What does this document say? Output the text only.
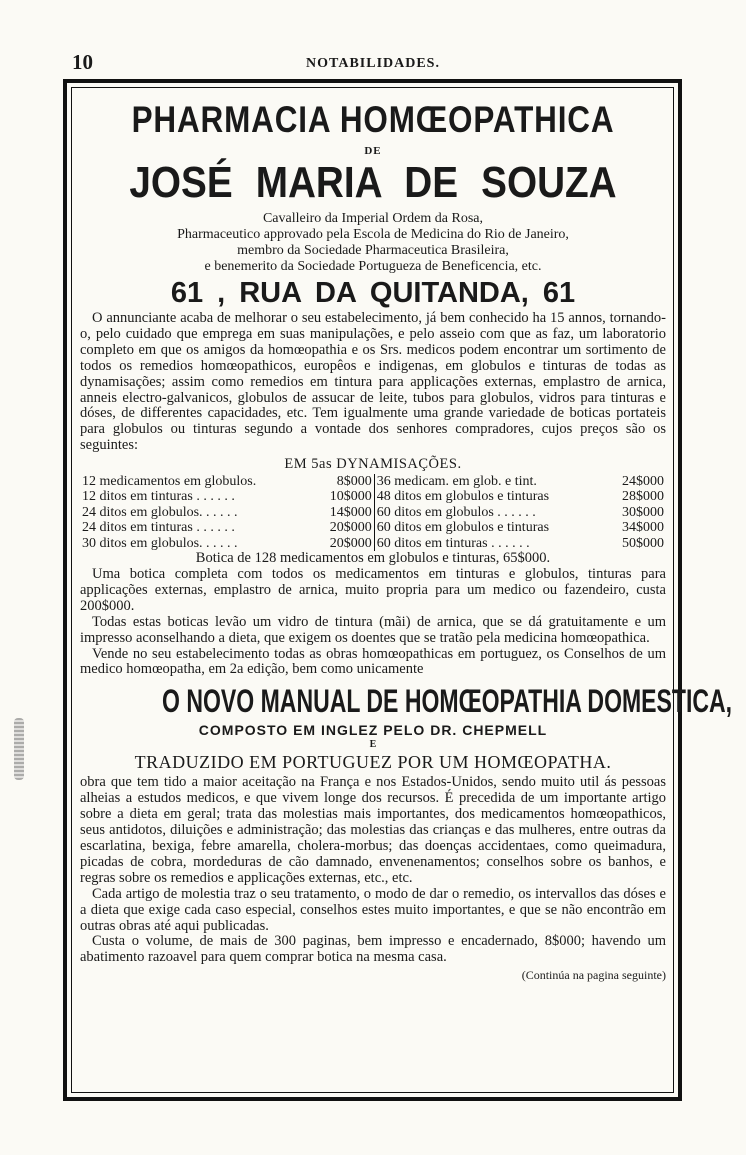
10	NOTABILIDADES.
PHARMACIA HOMŒOPATHICA
DE
JOSÉ MARIA DE SOUZA
Cavalleiro da Imperial Ordem da Rosa,
Pharmaceutico approvado pela Escola de Medicina do Rio de Janeiro,
membro da Sociedade Pharmaceutica Brasileira,
e benemerito da Sociedade Portugueza de Beneficencia, etc.
61 , RUA DA QUITANDA, 61

O annunciante acaba de melhorar o seu estabelecimento, já bem conhecido ha 15 annos, tornando-o, pelo cuidado que emprega em suas manipulações, e pelo asseio com que as faz, um laboratorio completo em que os amigos da homœopathia e os Srs. medicos podem encontrar um sortimento de todos os remedios homœopathicos, europêos e indigenas, em globulos e tinturas de todas as dynamisações; assim como remedios em tintura para applicações externas, emplastro de arnica, anneis electro-galvanicos, globulos de assucar de leite, tubos para globulos, vidros para tinturas e dóses, de differentes capacidades, etc. Tem igualmente uma grande variedade de boticas portateis para globulos ou tinturas segundo a vontade dos senhores compradores, cujos preços são os seguintes:

EM 5as DYNAMISAÇÕES.
12 medicamentos em globulos.	8$000	36 medicam. em glob. e tint.	24$000
12 ditos em tinturas . . . . . .	10$000	48 ditos em globulos e tinturas	28$000
24 ditos em globulos. . . . . .	14$000	60 ditos em globulos . . . . . .	30$000
24 ditos em tinturas . . . . . .	20$000	60 ditos em globulos e tinturas	34$000
30 ditos em globulos. . . . . .	20$000	60 ditos em tinturas . . . . . .	50$000

Botica de 128 medicamentos em globulos e tinturas, 65$000.

Uma botica completa com todos os medicamentos em tinturas e globulos, tinturas para applicações externas, emplastro de arnica, muito propria para um medico ou fazendeiro, custa 200$000.

Todas estas boticas levão um vidro de tintura (mãi) de arnica, que se dá gratuitamente e um impresso aconselhando a dieta, que exigem os doentes que se tratão pela medicina homœopathica.

Vende no seu estabelecimento todas as obras homœopathicas em portuguez, os Conselhos de um medico homœopatha, em 2a edição, bem como unicamente

O NOVO MANUAL DE HOMŒOPATHIA DOMESTICA,
COMPOSTO EM INGLEZ PELO DR. CHEPMELL
E
TRADUZIDO EM PORTUGUEZ POR UM HOMŒOPATHA.

obra que tem tido a maior aceitação na França e nos Estados-Unidos, sendo muito util ás pessoas alheias a estudos medicos, e que vivem longe dos recursos. É precedida de um importante artigo sobre a dieta em geral; trata das molestias mais importantes, dos medicamentos homœopathicos, seus antidotos, diluições e administração; das molestias das crianças e das mulheres, entre outras da escarlatina, bexiga, febre amarella, cholera-morbus; das doenças accidentaes, como queimadura, picadas de cobra, mordeduras de cão damnado, envenenamentos; conselhos sobre os banhos, e regras sobre os remedios e applicações externas, etc., etc.

Cada artigo de molestia traz o seu tratamento, o modo de dar o remedio, os intervallos das dóses e a dieta que exige cada caso especial, conselhos estes muito importantes, e que se não encontrão em outras obras até aqui publicadas.

Custa o volume, de mais de 300 paginas, bem impresso e encadernado, 8$000; havendo um abatimento razoavel para quem comprar botica na mesma casa.

(Continúa na pagina seguinte)
